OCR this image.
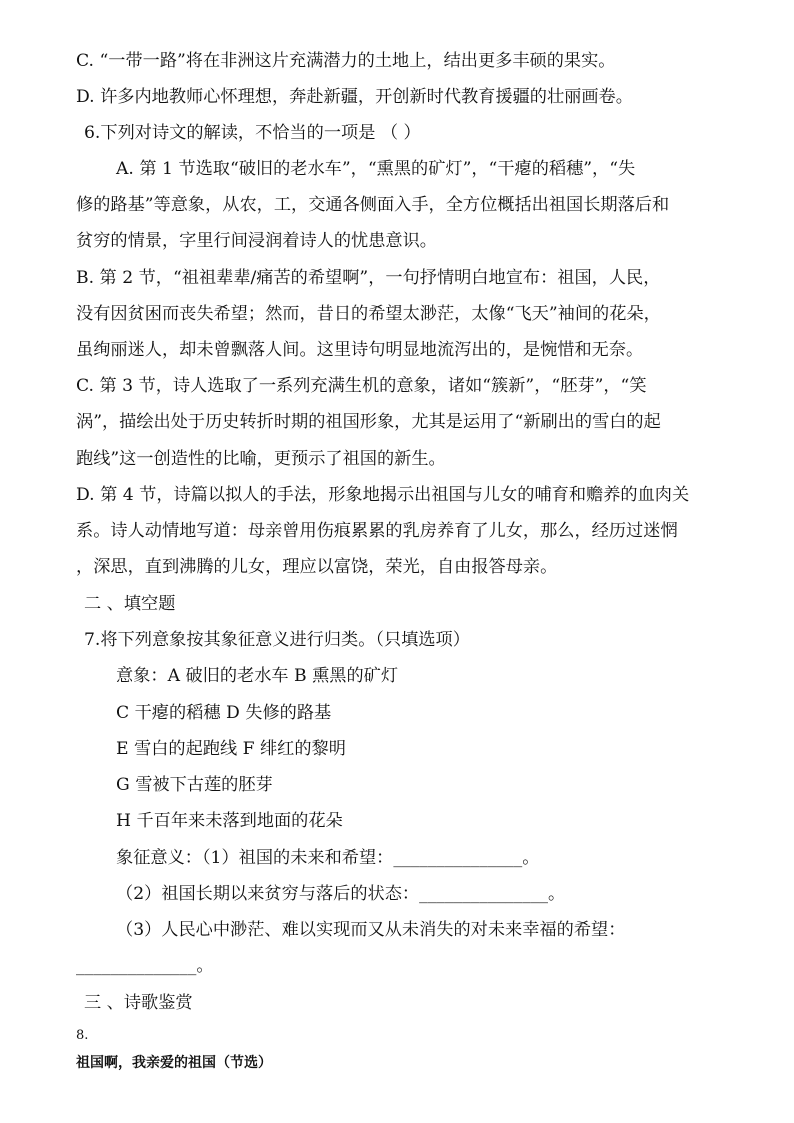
C. “一带一路”将在非洲这片充满潜力的土地上，结出更多丰硕的果实。
D. 许多内地教师心怀理想，奔赴新疆，开创新时代教育援疆的壮丽画卷。
6.下列对诗文的解读，不恰当的一项是 （ ）
A. 第 1 节选取“破旧的老水车”，“熏黑的矿灯”，“干瘪的稻穗”，“失
修的路基”等意象，从农，工，交通各侧面入手，全方位概括出祖国长期落后和
贫穷的情景，字里行间浸润着诗人的忧患意识。
B. 第 2 节，“祖祖辈辈/痛苦的希望啊”，一句抒情明白地宣布：祖国，人民，
没有因贫困而丧失希望；然而，昔日的希望太渺茫，太像“飞天”袖间的花朵，
虽绚丽迷人，却未曾飘落人间。这里诗句明显地流泻出的，是惋惜和无奈。
C. 第 3 节，诗人选取了一系列充满生机的意象，诸如“簇新”，“胚芽”，“笑
涡”，描绘出处于历史转折时期的祖国形象，尤其是运用了“新刷出的雪白的起
跑线”这一创造性的比喻，更预示了祖国的新生。
D. 第 4 节，诗篇以拟人的手法，形象地揭示出祖国与儿女的哺育和赡养的血肉关
系。诗人动情地写道：母亲曾用伤痕累累的乳房养育了儿女，那么，经历过迷惘
，深思，直到沸腾的儿女，理应以富饶，荣光，自由报答母亲。
二 、填空题
7.将下列意象按其象征意义进行归类。（只填选项）
意象：A 破旧的老水车 B 熏黑的矿灯
C 干瘪的稻穗 D 失修的路基
E 雪白的起跑线 F 绯红的黎明
G 雪被下古莲的胚芽
H 千百年来未落到地面的花朵
象征意义：（1）祖国的未来和希望：_______________。
（2）祖国长期以来贫穷与落后的状态：_______________。
（3）人民心中渺茫、难以实现而又从未消失的对未来幸福的希望：
______________。
三 、诗歌鉴赏
8.
祖国啊，我亲爱的祖国（节选）
